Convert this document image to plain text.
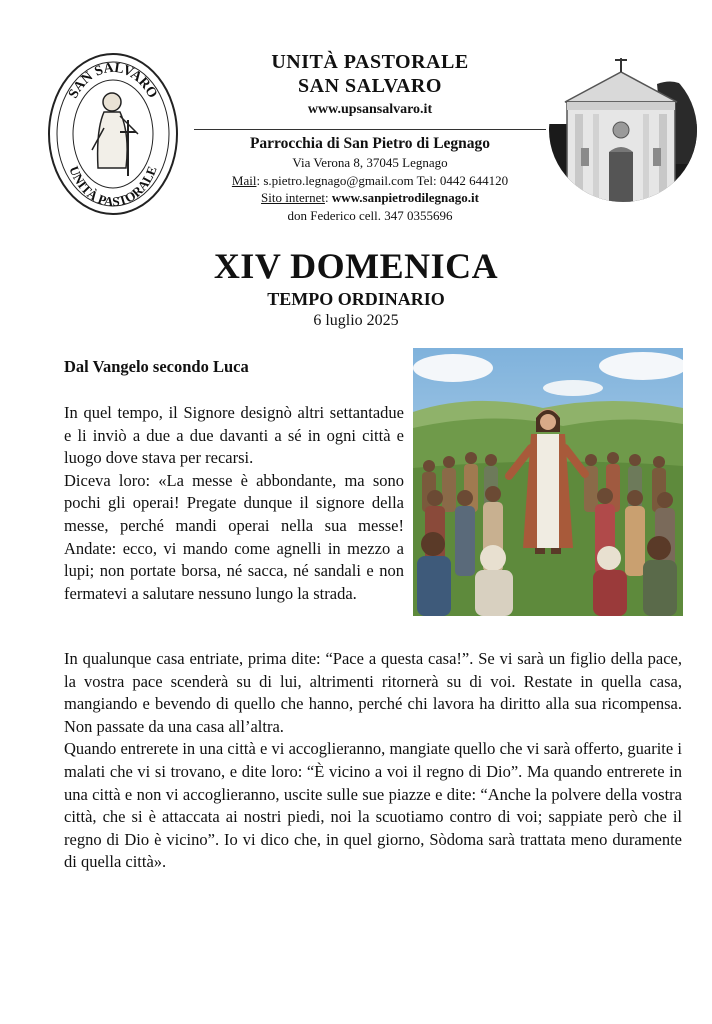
SAN SALVARO
UNITÀ PASTORALE
UNITÀ PASTORALE
SAN SALVARO
www.upsansalvaro.it
Parrocchia di San Pietro di Legnago
Via Verona 8, 37045 Legnago
Mail: s.pietro.legnago@gmail.com Tel: 0442 644120
Sito internet: www.sanpietrodilegnago.it
don Federico cell. 347 0355696
XIV DOMENICA
TEMPO ORDINARIO
6 luglio 2025
Dal Vangelo secondo Luca

In quel tempo, il Signore designò altri settantadue e li inviò a due a due davanti a sé in ogni città e luogo dove stava per recarsi.

Diceva loro: «La messe è abbondante, ma sono pochi gli operai! Pregate dunque il signore della messe, perché mandi operai nella sua messe! Andate: ecco, vi mando come agnelli in mezzo a lupi; non portate borsa, né sacca, né sandali e non fermatevi a salutare nessuno lungo la strada.

In qualunque casa entriate, prima dite: “Pace a questa casa!”. Se vi sarà un figlio della pace, la vostra pace scenderà su di lui, altrimenti ritornerà su di voi. Restate in quella casa, mangiando e bevendo di quello che hanno, perché chi lavora ha diritto alla sua ricompensa. Non passate da una casa all’altra.

Quando entrerete in una città e vi accoglieranno, mangiate quello che vi sarà offerto, guarite i malati che vi si trovano, e dite loro: “È vicino a voi il regno di Dio”. Ma quando entrerete in una città e non vi accoglieranno, uscite sulle sue piazze e dite: “Anche la polvere della vostra città, che si è attaccata ai nostri piedi, noi la scuotiamo contro di voi; sappiate però che il regno di Dio è vicino”. Io vi dico che, in quel giorno, Sòdoma sarà trattata meno duramente di quella città».
